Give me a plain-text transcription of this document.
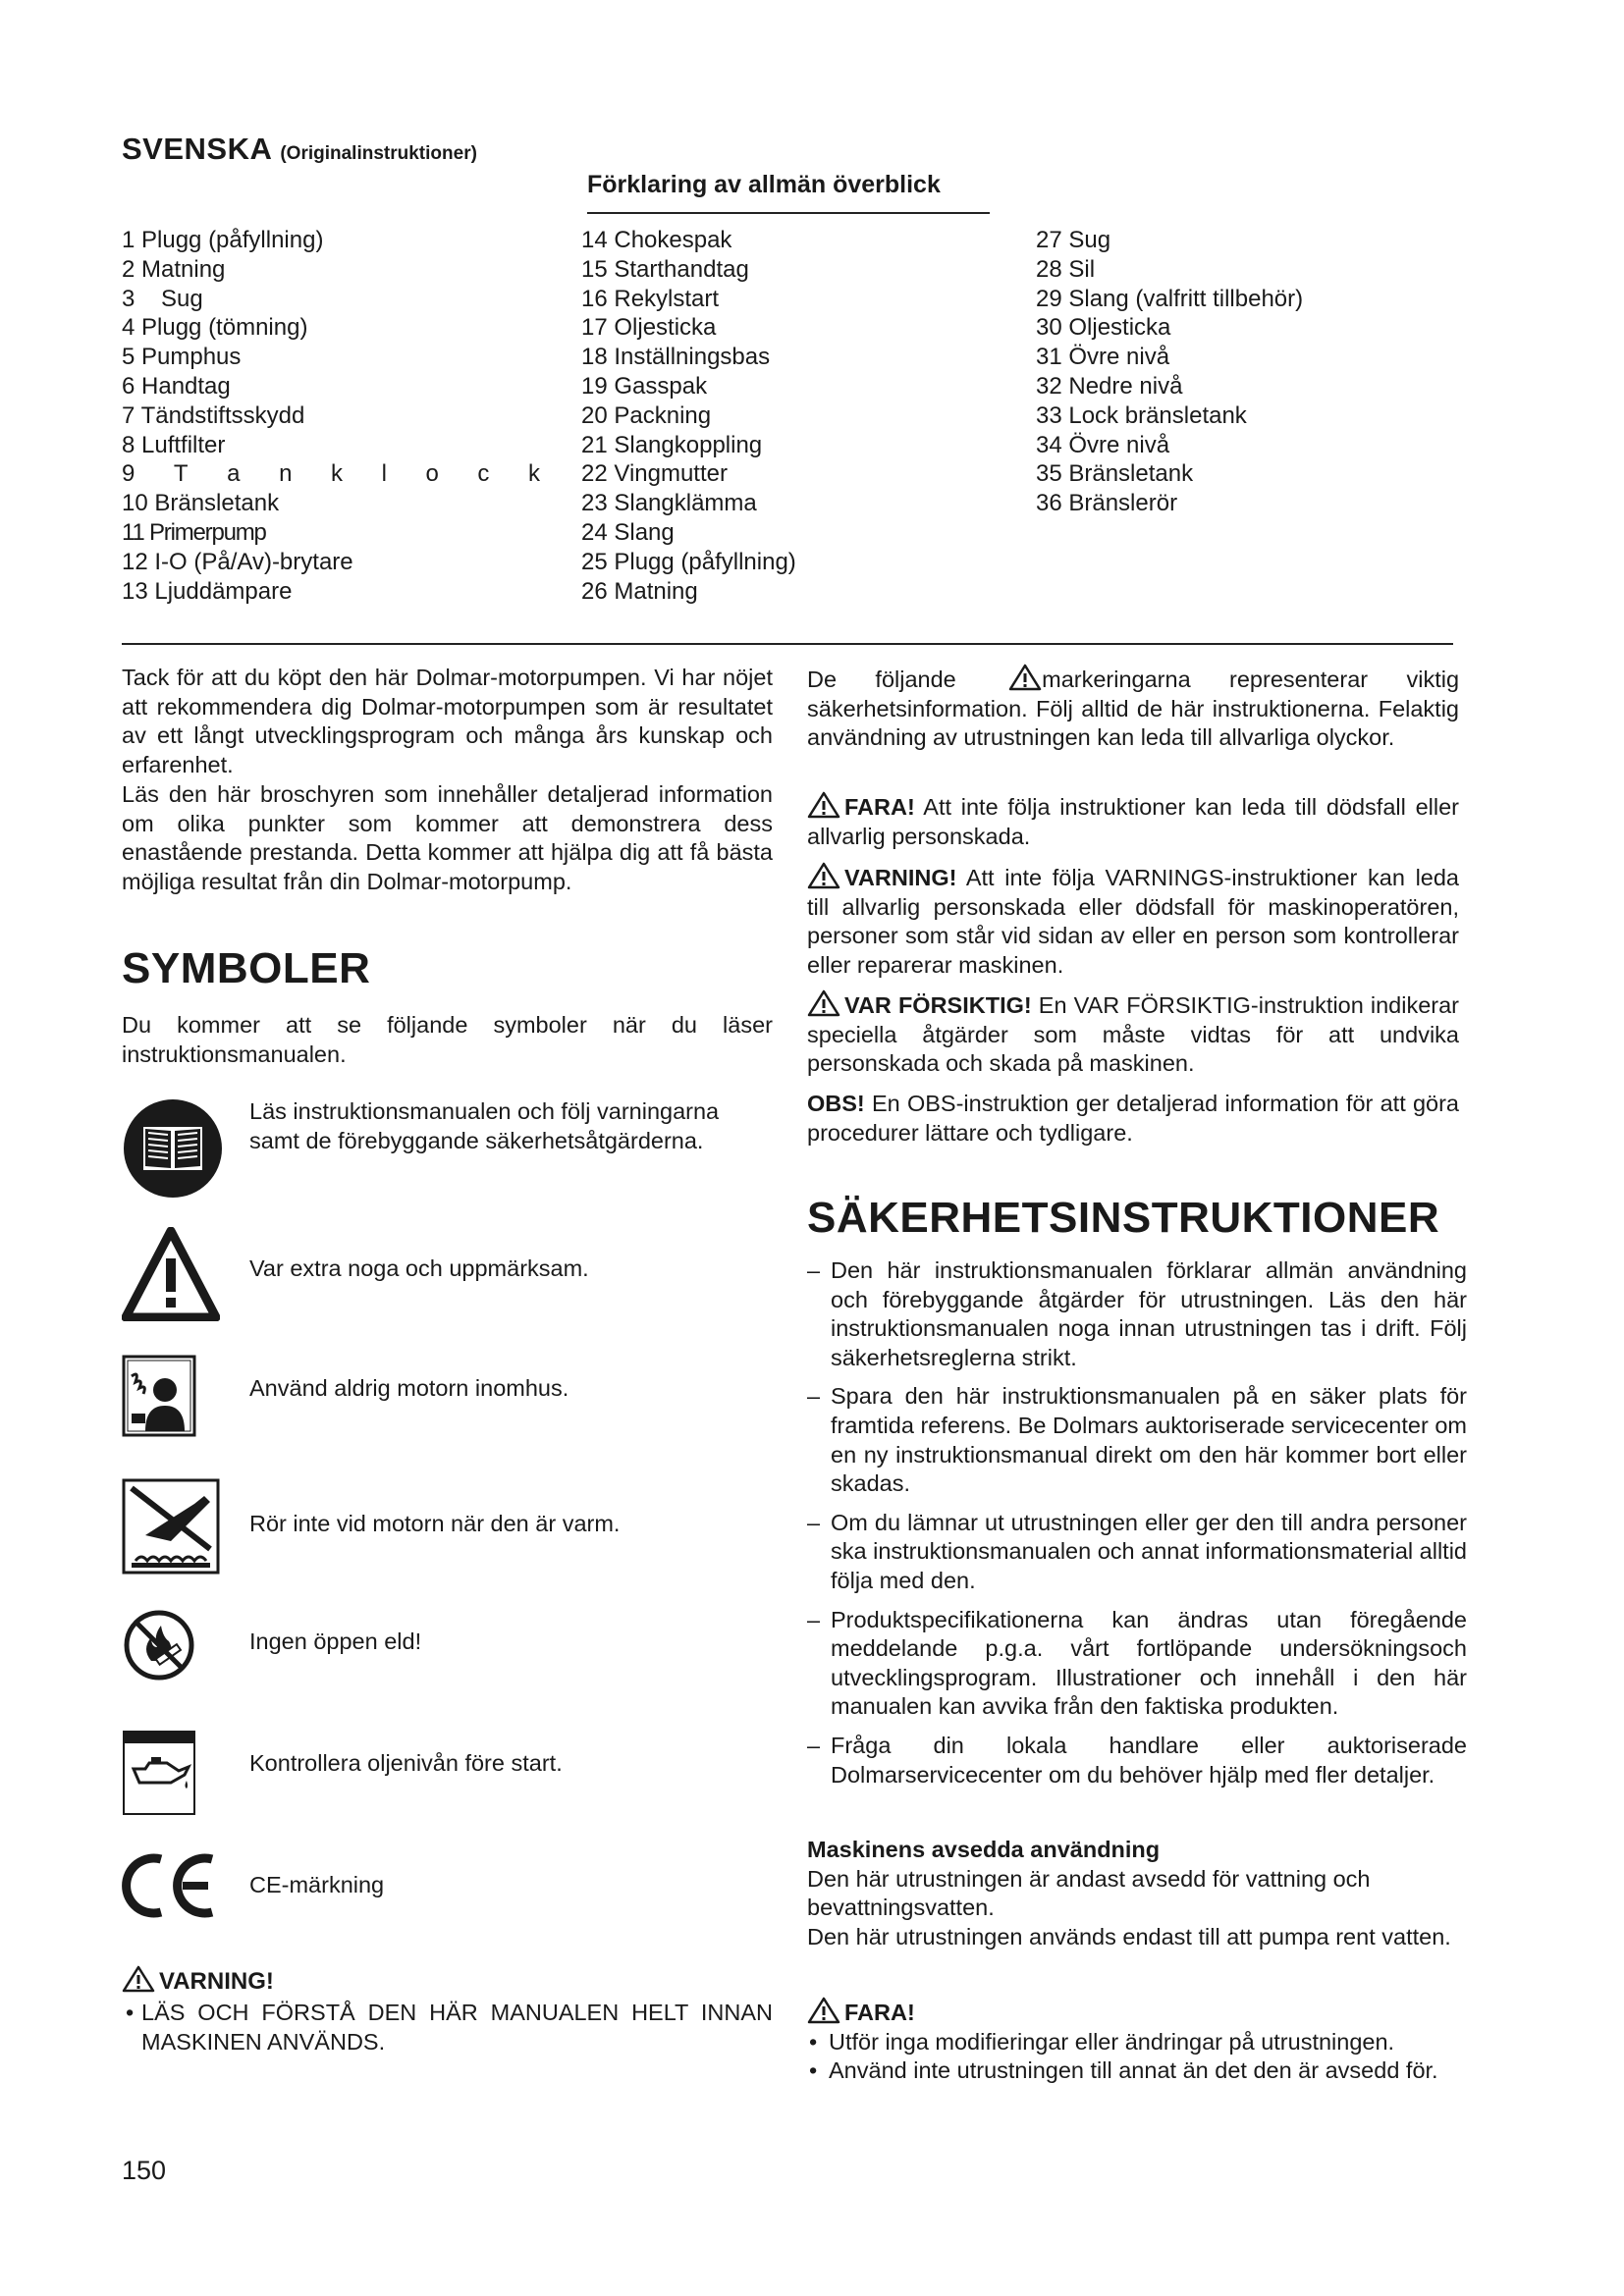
SVENSKA (Originalinstruktioner)
Förklaring av allmän överblick
1 Plugg (påfyllning)
2 Matning
3    Sug
4 Plugg (tömning)
5 Pumphus
6 Handtag
7 Tändstiftsskydd
8 Luftfilter
9 T a n k l o c k
10 Bränsletank
11 Primerpump
12 I-O (På/Av)-brytare
13 Ljuddämpare
14 Chokespak
15 Starthandtag
16 Rekylstart
17 Oljesticka
18 Inställningsbas
19 Gasspak
20 Packning
21 Slangkoppling
22 Vingmutter
23 Slangklämma
24 Slang
25 Plugg (påfyllning)
26 Matning
27 Sug
28 Sil
29 Slang (valfritt tillbehör)
30 Oljesticka
31 Övre nivå
32 Nedre nivå
33 Lock bränsletank
34 Övre nivå
35 Bränsletank
36 Bränslerör
Tack för att du köpt den här Dolmar-motorpumpen. Vi har nöjet att rekommendera dig Dolmar-motorpumpen som är resultatet av ett långt utvecklingsprogram och många års kunskap och erfarenhet.
Läs den här broschyren som innehåller detaljerad information om olika punkter som kommer att demonstrera dess enastående prestanda. Detta kommer att hjälpa dig att få bästa möjliga resultat från din Dolmar-motorpump.
SYMBOLER
Du kommer att se följande symboler när du läser instruktionsmanualen.
Läs instruktionsmanualen och följ varningarna samt de förebyggande säkerhetsåtgärderna.
Var extra noga och uppmärksam.
Använd aldrig motorn inomhus.
Rör inte vid motorn när den är varm.
Ingen öppen eld!
Kontrollera oljenivån före start.
CE-märkning
VARNING!
• LÄS OCH FÖRSTÅ DEN HÄR MANUALEN HELT INNAN MASKINEN ANVÄNDS.
150
De följande	markeringarna representerar viktig säkerhetsinformation. Följ alltid de här instruktionerna. Felaktig användning av utrustningen kan leda till allvarliga olyckor.
FARA! Att inte följa instruktioner kan leda till dödsfall eller allvarlig personskada.
VARNING! Att inte följa VARNINGS-instruktioner kan leda till allvarlig personskada eller dödsfall för maskinoperatören, personer som står vid sidan av eller en person som kontrollerar eller reparerar maskinen.
VAR FÖRSIKTIG! En VAR FÖRSIKTIG-instruktion indikerar speciella åtgärder som måste vidtas för att undvika personskada och skada på maskinen.
OBS! En OBS-instruktion ger detaljerad information för att göra procedurer lättare och tydligare.
SÄKERHETSINSTRUKTIONER
– Den här instruktionsmanualen förklarar allmän användning och förebyggande åtgärder för utrustningen. Läs den här instruktionsmanualen noga innan utrustningen tas i drift. Följ säkerhetsreglerna strikt.
– Spara den här instruktionsmanualen på en säker plats för framtida referens. Be Dolmars auktoriserade servicecenter om en ny instruktionsmanual direkt om den här kommer bort eller skadas.
– Om du lämnar ut utrustningen eller ger den till andra personer ska instruktionsmanualen och annat informationsmaterial alltid följa med den.
– Produktspecifikationerna kan ändras utan föregående meddelande p.g.a. vårt fortlöpande undersökningsoch utvecklingsprogram. Illustrationer och innehåll i den här manualen kan avvika från den faktiska produkten.
– Fråga din lokala handlare eller auktoriserade Dolmarservicecenter om du behöver hjälp med fler detaljer.
Maskinens avsedda användning
Den här utrustningen är andast avsedd för vattning och bevattningsvatten.
Den här utrustningen används endast till att pumpa rent vatten.
FARA!
• Utför inga modifieringar eller ändringar på utrustningen.
• Använd inte utrustningen till annat än det den är avsedd för.
